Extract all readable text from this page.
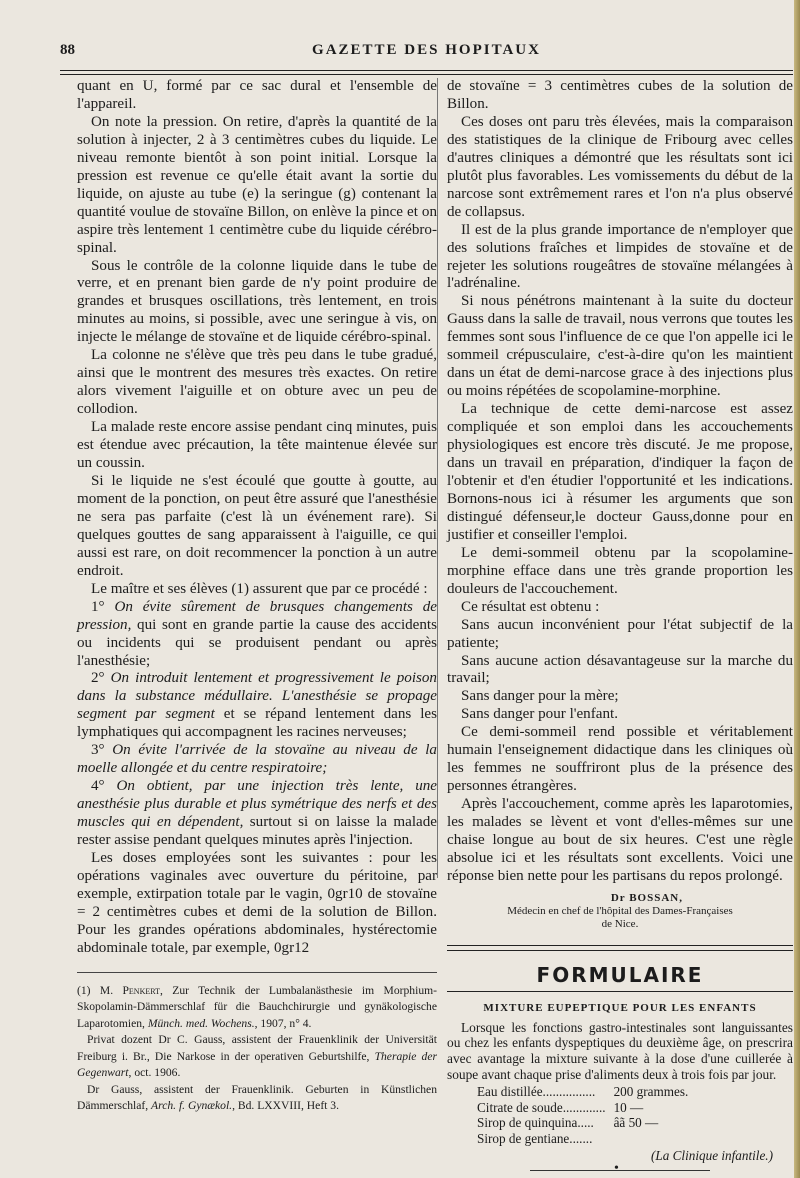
88	GAZETTE DES HOPITAUX

quant en U, formé par ce sac dural et l'ensemble de l'appareil.

On note la pression. On retire, d'après la quantité de la solution à injecter, 2 à 3 centimètres cubes du liquide. Le niveau remonte bientôt à son point initial. Lorsque la pression est revenue ce qu'elle était avant la sortie du liquide, on ajuste au tube (e) la seringue (g) contenant la quantité voulue de stovaïne Billon, on enlève la pince et on aspire très lentement 1 centimètre cube du liquide cérébro-spinal.

Sous le contrôle de la colonne liquide dans le tube de verre, et en prenant bien garde de n'y point produire de grandes et brusques oscillations, très lentement, en trois minutes au moins, si possible, avec une seringue à vis, on injecte le mélange de stovaïne et de liquide cérébro-spinal.

La colonne ne s'élève que très peu dans le tube gradué, ainsi que le montrent des mesures très exactes. On retire alors vivement l'aiguille et on obture avec un peu de collodion.

La malade reste encore assise pendant cinq minutes, puis est étendue avec précaution, la tête maintenue élevée sur un coussin.

Si le liquide ne s'est écoulé que goutte à goutte, au moment de la ponction, on peut être assuré que l'anesthésie ne sera pas parfaite (c'est là un événement rare). Si quelques gouttes de sang apparaissent à l'aiguille, ce qui aussi est rare, on doit recommencer la ponction à un autre endroit.

Le maître et ses élèves (1) assurent que par ce procédé :

1° On évite sûrement de brusques changements de pression, qui sont en grande partie la cause des accidents ou incidents qui se produisent pendant ou après l'anesthésie;

2° On introduit lentement et progressivement le poison dans la substance médullaire. L'anesthésie se propage segment par segment et se répand lentement dans les lymphatiques qui accompagnent les racines nerveuses;

3° On évite l'arrivée de la stovaïne au niveau de la moelle allongée et du centre respiratoire;

4° On obtient, par une injection très lente, une anesthésie plus durable et plus symétrique des nerfs et des muscles qui en dépendent, surtout si on laisse la malade rester assise pendant quelques minutes après l'injection.

Les doses employées sont les suivantes : pour les opérations vaginales avec ouverture du péritoine, par exemple, extirpation totale par le vagin, 0gr10 de stovaïne = 2 centimètres cubes et demi de la solution de Billon. Pour les grandes opérations abdominales, hystérectomie abdominale totale, par exemple, 0gr12

(1) M. Penkert, Zur Technik der Lumbalanästhesie im Morphium-Skopolamin-Dämmerschlaf für die Bauchchirurgie und gynäkologische Laparotomien, Münch. med. Wochens., 1907, n° 4.

Privat dozent Dr C. Gauss, assistent der Frauenklinik der Universität Freiburg i. Br., Die Narkose in der operativen Geburtshilfe, Therapie der Gegenwart, oct. 1906.

Dr Gauss, assistent der Frauenklinik. Geburten in Künstlichen Dämmerschlaf, Arch. f. Gynækol., Bd. LXXVIII, Heft 3.

de stovaïne = 3 centimètres cubes de la solution de Billon.

Ces doses ont paru très élevées, mais la comparaison des statistiques de la clinique de Fribourg avec celles d'autres cliniques a démontré que les résultats sont ici plutôt plus favorables. Les vomissements du début de la narcose sont extrêmement rares et l'on n'a plus observé de collapsus.

Il est de la plus grande importance de n'employer que des solutions fraîches et limpides de stovaïne et de rejeter les solutions rougeâtres de stovaïne mélangées à l'adrénaline.

Si nous pénétrons maintenant à la suite du docteur Gauss dans la salle de travail, nous verrons que toutes les femmes sont sous l'influence de ce que l'on appelle ici le sommeil crépusculaire, c'est-à-dire qu'on les maintient dans un état de demi-narcose grace à des injections plus ou moins répétées de scopolamine-morphine.

La technique de cette demi-narcose est assez compliquée et son emploi dans les accouchements physiologiques est encore très discuté. Je me propose, dans un travail en préparation, d'indiquer la façon de l'obtenir et d'en étudier l'opportunité et les indications. Bornons-nous ici à résumer les arguments que son distingué défenseur,le docteur Gauss,donne pour en justifier et conseiller l'emploi.

Le demi-sommeil obtenu par la scopolamine-morphine efface dans une très grande proportion les douleurs de l'accouchement.

Ce résultat est obtenu :

Sans aucun inconvénient pour l'état subjectif de la patiente;

Sans aucune action désavantageuse sur la marche du travail;

Sans danger pour la mère;

Sans danger pour l'enfant.

Ce demi-sommeil rend possible et véritablement humain l'enseignement didactique dans les cliniques où les femmes ne souffriront plus de la présence des personnes étrangères.

Après l'accouchement, comme après les laparotomies, les malades se lèvent et vont d'elles-mêmes sur une chaise longue au bout de six heures. C'est une règle absolue ici et les résultats sont excellents. Voici une réponse bien nette pour les partisans du repos prolongé.

Dr BOSSAN,
Médecin en chef de l'hôpital des Dames-Françaises
de Nice.
FORMULAIRE
MIXTURE EUPEPTIQUE POUR LES ENFANTS

Lorsque les fonctions gastro-intestinales sont languissantes ou chez les enfants dyspeptiques du deuxième âge, on prescrira avec avantage la mixture suivante à la dose d'une cuillerée à soupe avant chaque prise d'aliments deux à trois fois par jour.

Eau distillée................	200 grammes.
Citrate de soude.............	10 —
Sirop de quinquina.....	âã 50 —
Sirop de gentiane.......	
(La Clinique infantile.)
•
